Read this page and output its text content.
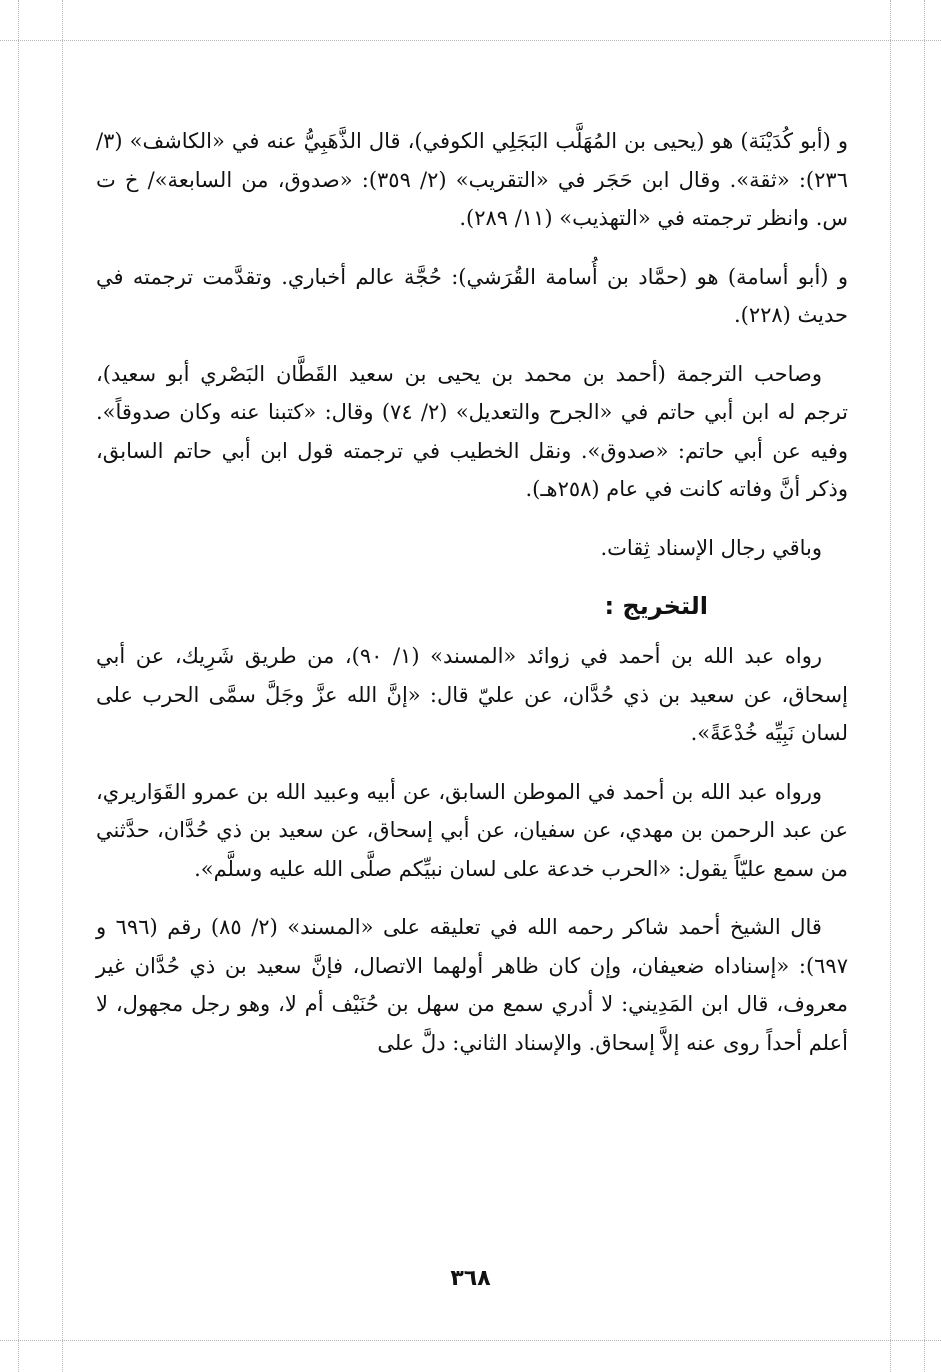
و (أبو كُدَيْنَة) هو (يحيى بن المُهَلَّب البَجَلِي الكوفي)، قال الذَّهَبِيُّ عنه في «الكاشف» (٣/ ٢٣٦): «ثقة». وقال ابن حَجَر في «التقريب» (٢/ ٣٥٩): «صدوق، من السابعة»/ خ ت س. وانظر ترجمته في «التهذيب» (١١/ ٢٨٩).

و (أبو أسامة) هو (حمَّاد بن أُسامة القُرَشي): حُجَّة عالم أخباري. وتقدَّمت ترجمته في حديث (٢٢٨).

وصاحب الترجمة (أحمد بن محمد بن يحيى بن سعيد القَطَّان البَصْري أبو سعيد)، ترجم له ابن أبي حاتم في «الجرح والتعديل» (٢/ ٧٤) وقال: «كتبنا عنه وكان صدوقاً». وفيه عن أبي حاتم: «صدوق». ونقل الخطيب في ترجمته قول ابن أبي حاتم السابق، وذكر أنَّ وفاته كانت في عام (٢٥٨هـ).

وباقي رجال الإسناد ثِقات.

التخريج :

رواه عبد الله بن أحمد في زوائد «المسند» (١/ ٩٠)، من طريق شَرِيك، عن أبي إسحاق، عن سعيد بن ذي حُدَّان، عن عليّ قال: «إنَّ الله عزَّ وجَلَّ سمَّى الحرب على لسان نَبِيِّه خُدْعَةً».

ورواه عبد الله بن أحمد في الموطن السابق، عن أبيه وعبيد الله بن عمرو القَوَاريري، عن عبد الرحمن بن مهدي، عن سفيان، عن أبي إسحاق، عن سعيد بن ذي حُدَّان، حدَّثني من سمع عليّاً يقول: «الحرب خدعة على لسان نبيِّكم صلَّى الله عليه وسلَّم».

قال الشيخ أحمد شاكر رحمه الله في تعليقه على «المسند» (٢/ ٨٥) رقم (٦٩٦ و ٦٩٧): «إسناداه ضعيفان، وإن كان ظاهر أولهما الاتصال، فإنَّ سعيد بن ذي حُدَّان غير معروف، قال ابن المَدِيني: لا أدري سمع من سهل بن حُنَيْف أم لا، وهو رجل مجهول، لا أعلم أحداً روى عنه إلاَّ إسحاق. والإسناد الثاني: دلَّ على

٣٦٨
